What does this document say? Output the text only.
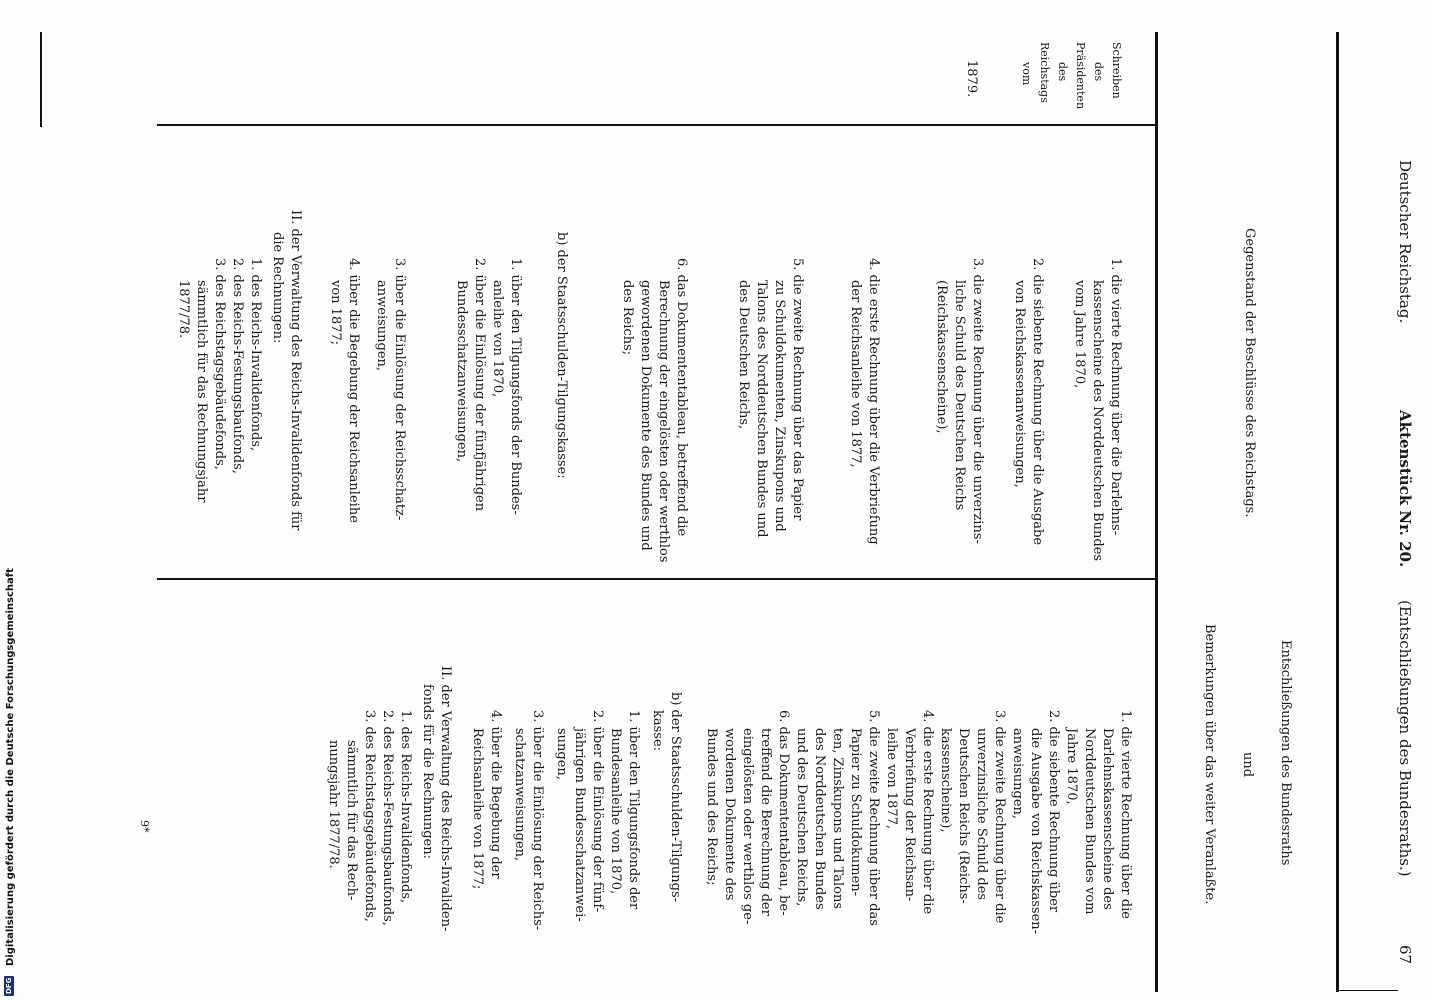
Deutscher Reichstag.
Aktenstück Nr. 20.
(Entschließungen des Bundesraths.)
67
Schreiben
des
Präsidenten
des
Reichstags
vom
Gegenstand der Beschlüsse des Reichstags.
Entschließungen des Bundesraths
und
Bemerkungen über das weiter Veranlaßte.
1879.
1. die vierte Rechnung über die Darlehns-
kassenscheine des Norddeutschen Bundes
vom Jahre 1870,
2. die siebente Rechnung über die Ausgabe
von Reichskassenanweisungen,
3. die zweite Rechnung über die unverzins-
liche Schuld des Deutschen Reichs
(Reichskassenscheine),
4. die erste Rechnung über die Verbriefung
der Reichsanleihe von 1877,
5. die zweite Rechnung über das Papier
zu Schuldokumenten, Zinskupons und
Talons des Norddeutschen Bundes und
des Deutschen Reichs,
6. das Dokumententableau, betreffend die
Berechnung der eingelösten oder werthlos
gewordenen Dokumente des Bundes und
des Reichs;
b) der Staatsschulden-Tilgungskasse:
1. über den Tilgungsfonds der Bundes-
anleihe von 1870,
2. über die Einlösung der fünfjährigen
Bundesschatzanweisungen,
3. über die Einlösung der Reichsschatz-
anweisungen,
4. über die Begebung der Reichsanleihe
von 1877;
II. der Verwaltung des Reichs-Invalidenfonds für
die Rechnungen:
1. des Reichs-Invalidenfonds,
2. des Reichs-Festungsbaufonds,
3. des Reichstagsgebäudefonds,
sämmtlich für das Rechnungsjahr
1877/78.
1. die vierte Rechnung über die
Darlehnskassenscheine des
Norddeutschen Bundes vom
Jahre 1870,
2. die siebente Rechnung über
die Ausgabe von Reichskassen-
anweisungen,
3. die zweite Rechnung über die
unverzinsliche Schuld des
Deutschen Reichs (Reichs-
kassenscheine),
4. die erste Rechnung über die
Verbriefung der Reichsan-
leihe von 1877,
5. die zweite Rechnung über das
Papier zu Schuldokumen-
ten, Zinskupons und Talons
des Norddeutschen Bundes
und des Deutschen Reichs,
6. das Dokumententableau, be-
treffend die Berechnung der
eingelösten oder werthlos ge-
wordenen Dokumente des
Bundes und des Reichs;
b) der Staatsschulden-Tilgungs-
kasse:
1. über den Tilgungsfonds der
Bundesanleihe von 1870,
2. über die Einlösung der fünf-
jährigen Bundesschatzanwei-
sungen,
3. über die Einlösung der Reichs-
schatzanweisungen,
4. über die Begebung der
Reichsanleihe von 1877;
II. der Verwaltung des Reichs-Invaliden-
fonds für die Rechnungen:
1. des Reichs-Invalidenfonds,
2. des Reichs-Festungsbaufonds,
3. des Reichstagsgebäudefonds,
sämmtlich für das Rech-
nungsjahr 1877/78.
9*
Digitalisierung gefördert durch die Deutsche Forschungsgemeinschaft
DFG
